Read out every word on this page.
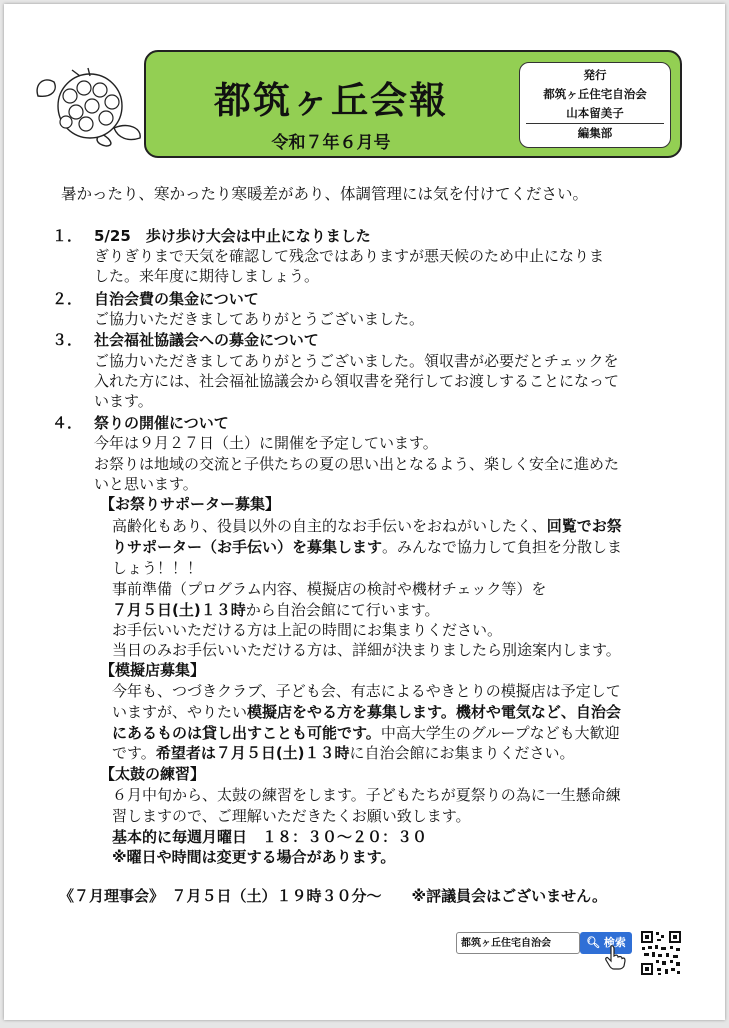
都筑ヶ丘会報
令和７年６月号
発行
都筑ヶ丘住宅自治会
山本留美子
編集部
暑かったり、寒かったり寒暖差があり、体調管理には気を付けてください。
１． 5/25　歩け歩け大会は中止になりました
ぎりぎりまで天気を確認して残念ではありますが悪天候のため中止になりま
した。来年度に期待しましょう。
２． 自治会費の集金について
ご協力いただきましてありがとうございました。
３． 社会福祉協議会への募金について
ご協力いただきましてありがとうございました。領収書が必要だとチェックを
入れた方には、社会福祉協議会から領収書を発行してお渡しすることになって
います。
４． 祭りの開催について
今年は９月２７日（土）に開催を予定しています。
お祭りは地域の交流と子供たちの夏の思い出となるよう、楽しく安全に進めた
いと思います。
【お祭りサポーター募集】
高齢化もあり、役員以外の自主的なお手伝いをおねがいしたく、回覧でお祭
りサポーター（お手伝い）を募集します。みんなで協力して負担を分散しま
しょう！！！
事前準備（プログラム内容、模擬店の検討や機材チェック等）を
７月５日(土)１３時から自治会館にて行います。
お手伝いいただける方は上記の時間にお集まりください。
当日のみお手伝いいただける方は、詳細が決まりましたら別途案内します。
【模擬店募集】
今年も、つづきクラブ、子ども会、有志によるやきとりの模擬店は予定して
いますが、やりたい模擬店をやる方を募集します。機材や電気など、自治会
にあるものは貸し出すことも可能です。中高大学生のグループなども大歓迎
です。希望者は７月５日(土)１３時に自治会館にお集まりください。
【太鼓の練習】
６月中旬から、太鼓の練習をします。子どもたちが夏祭りの為に一生懸命練
習しますので、ご理解いただきたくお願い致します。
基本的に毎週月曜日　１８：３０～２０：３０
※曜日や時間は変更する場合があります。
《７月理事会》　７月５日（土）１９時３０分～　　※評議員会はございません。
都筑ヶ丘住宅自治会	🔍︎ 検索
